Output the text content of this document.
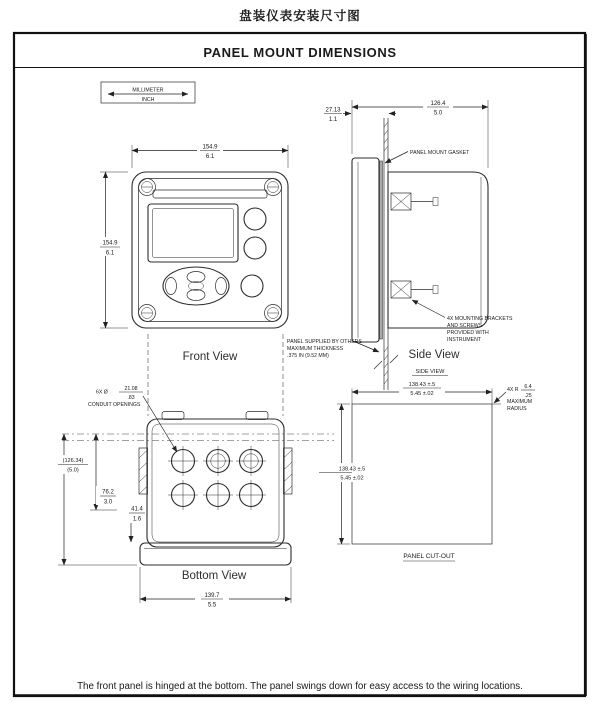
盘装仪表安装尺寸图
PANEL MOUNT DIMENSIONS
MILLIMETER
INCH
154.9
6.1
154.9
6.1
Front View
126.4
5.0
27.13
1.1
PANEL MOUNT GASKET
4X MOUNTING BRACKETS
AND SCREWS
PROVIDED WITH
INSTRUMENT
PANEL SUPPLIED BY OTHERS
MAXIMUM THICKNESS
.375 IN (9.52 MM)	Side View
SIDE VIEW
138.43 ±.5
5.45 ±.02
138.43 ±.5
5.45 ±.02
4X R 6.4
.25
MAXIMUM
RADIUS
PANEL CUT-OUT
6X Ø
21.08
.83
CONDUIT OPENINGS
(126.34)
(5.0)
76.2
3.0
41.4
1.6
139.7
5.5
Bottom View
The front panel is hinged at the bottom. The panel swings down for easy access to the wiring locations.
